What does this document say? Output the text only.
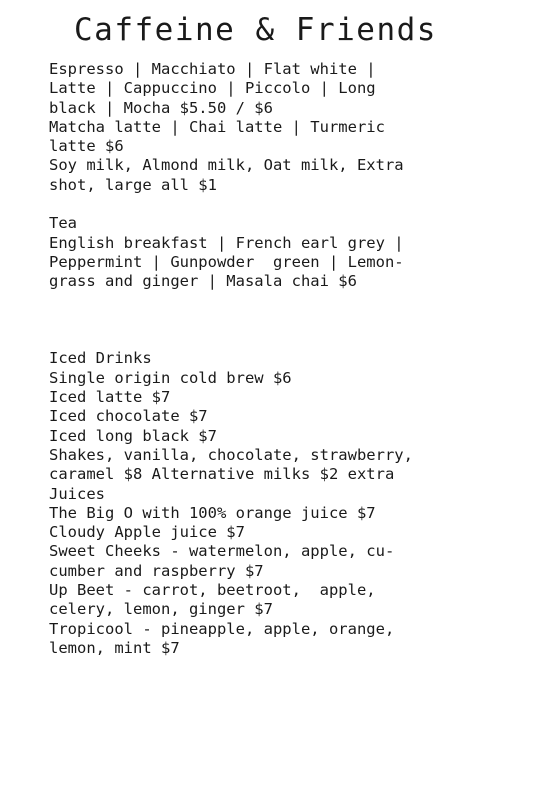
Caffeine & Friends
Espresso | Macchiato | Flat white |
Latte | Cappuccino | Piccolo | Long
black | Mocha $5.50 / $6
Matcha latte | Chai latte | Turmeric
latte $6
Soy milk, Almond milk, Oat milk, Extra
shot, large all $1
Tea
English breakfast | French earl grey |
Peppermint | Gunpowder  green | Lemon-
grass and ginger | Masala chai $6
Iced Drinks
Single origin cold brew $6
Iced latte $7
Iced chocolate $7
Iced long black $7
Shakes, vanilla, chocolate, strawberry,
caramel $8 Alternative milks $2 extra
Juices
The Big O with 100% orange juice $7
Cloudy Apple juice $7
Sweet Cheeks - watermelon, apple, cu-
cumber and raspberry $7
Up Beet - carrot, beetroot,  apple,
celery, lemon, ginger $7
Tropicool - pineapple, apple, orange,
lemon, mint $7
